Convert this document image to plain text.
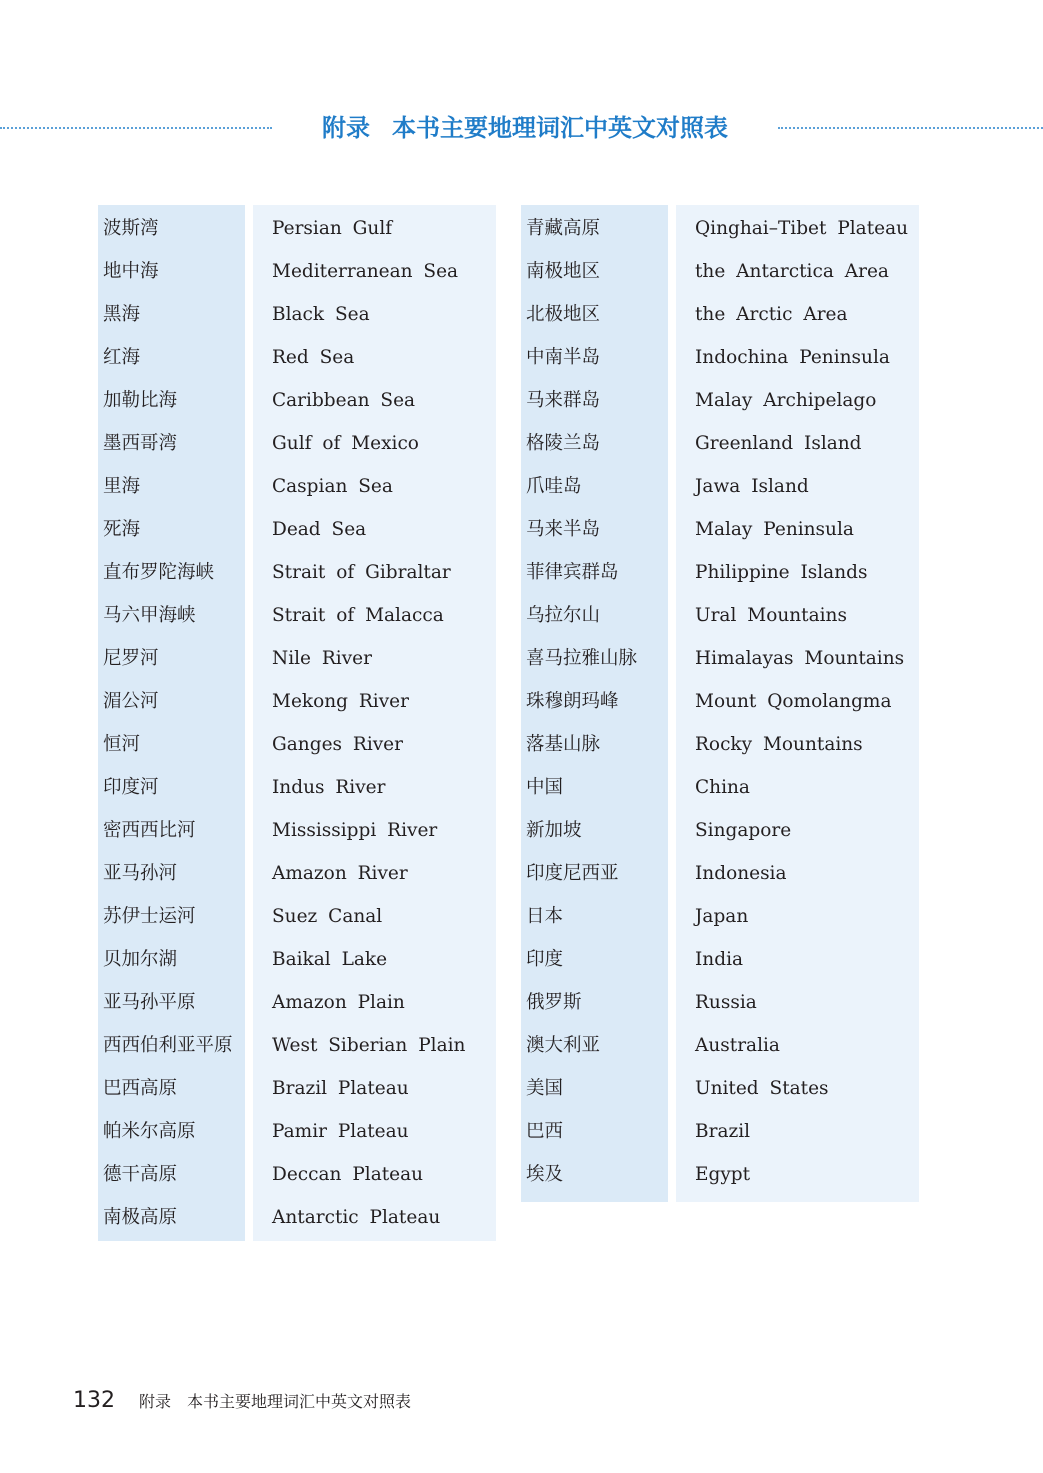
附录 本书主要地理词汇中英文对照表
波斯湾
地中海
黑海
红海
加勒比海
墨西哥湾
里海
死海
直布罗陀海峡
马六甲海峡
尼罗河
湄公河
恒河
印度河
密西西比河
亚马孙河
苏伊士运河
贝加尔湖
亚马孙平原
西西伯利亚平原
巴西高原
帕米尔高原
德干高原
南极高原
Persian Gulf
Mediterranean Sea
Black Sea
Red Sea
Caribbean Sea
Gulf of Mexico
Caspian Sea
Dead Sea
Strait of Gibraltar
Strait of Malacca
Nile River
Mekong River
Ganges River
Indus River
Mississippi River
Amazon River
Suez Canal
Baikal Lake
Amazon Plain
West Siberian Plain
Brazil Plateau
Pamir Plateau
Deccan Plateau
Antarctic Plateau
青藏高原
南极地区
北极地区
中南半岛
马来群岛
格陵兰岛
爪哇岛
马来半岛
菲律宾群岛
乌拉尔山
喜马拉雅山脉
珠穆朗玛峰
落基山脉
中国
新加坡
印度尼西亚
日本
印度
俄罗斯
澳大利亚
美国
巴西
埃及
Qinghai–Tibet Plateau
the Antarctica Area
the Arctic Area
Indochina Peninsula
Malay Archipelago
Greenland Island
Jawa Island
Malay Peninsula
Philippine Islands
Ural Mountains
Himalayas Mountains
Mount Qomolangma
Rocky Mountains
China
Singapore
Indonesia
Japan
India
Russia
Australia
United States
Brazil
Egypt
132 附录 本书主要地理词汇中英文对照表
